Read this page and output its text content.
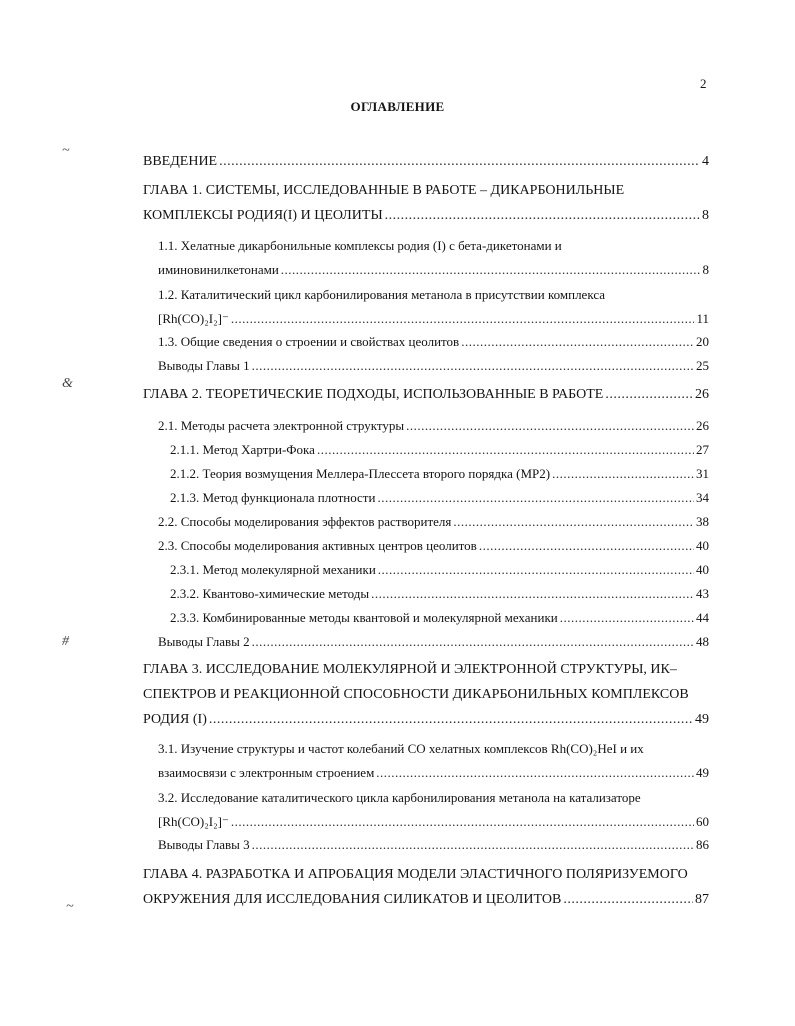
2
ОГЛАВЛЕНИЕ
~
&
#
~
ВВЕДЕНИЕ .....	4
ГЛАВА 1. СИСТЕМЫ, ИССЛЕДОВАННЫЕ В РАБОТЕ – ДИКАРБОНИЛЬНЫЕ
КОМПЛЕКСЫ РОДИЯ(I) И ЦЕОЛИТЫ .....	8
1.1. Хелатные дикарбонильные комплексы родия (I) с бета-дикетонами и
иминовинилкетонами .....	8
1.2. Каталитический цикл карбонилирования метанола в присутствии комплекса
[Rh(CO)₂I₂]⁻ .....	11
1.3. Общие сведения о строении и свойствах цеолитов .....	20
Выводы Главы 1 .....	25
ГЛАВА 2. ТЕОРЕТИЧЕСКИЕ ПОДХОДЫ, ИСПОЛЬЗОВАННЫЕ В РАБОТЕ .....	26
2.1. Методы расчета электронной структуры .....	26
2.1.1. Метод Хартри-Фока .....	27
2.1.2. Теория возмущения Меллера-Плессета второго порядка (МР2) .....	31
2.1.3. Метод функционала плотности .....	34
2.2. Способы моделирования эффектов растворителя .....	38
2.3. Способы моделирования активных центров цеолитов .....	40
2.3.1. Метод молекулярной механики .....	40
2.3.2. Квантово-химические методы .....	43
2.3.3. Комбинированные методы квантовой и молекулярной механики .....	44
Выводы Главы 2 .....	48
ГЛАВА 3. ИССЛЕДОВАНИЕ МОЛЕКУЛЯРНОЙ И ЭЛЕКТРОННОЙ СТРУКТУРЫ, ИК–
СПЕКТРОВ И РЕАКЦИОННОЙ СПОСОБНОСТИ ДИКАРБОНИЛЬНЫХ КОМПЛЕКСОВ
РОДИЯ (I) .....	49
3.1. Изучение структуры и частот колебаний СО хелатных комплексов Rh(CO)₂HeI и их
взаимосвязи с электронным строением .....	49
3.2. Исследование каталитического цикла карбонилирования метанола на катализаторе
[Rh(CO)₂I₂]⁻ .....	60
Выводы Главы 3 .....	86
ГЛАВА 4. РАЗРАБОТКА И АПРОБАЦИЯ МОДЕЛИ ЭЛАСТИЧНОГО ПОЛЯРИЗУЕМОГО
ОКРУЖЕНИЯ ДЛЯ ИССЛЕДОВАНИЯ СИЛИКАТОВ И ЦЕОЛИТОВ .....	87
